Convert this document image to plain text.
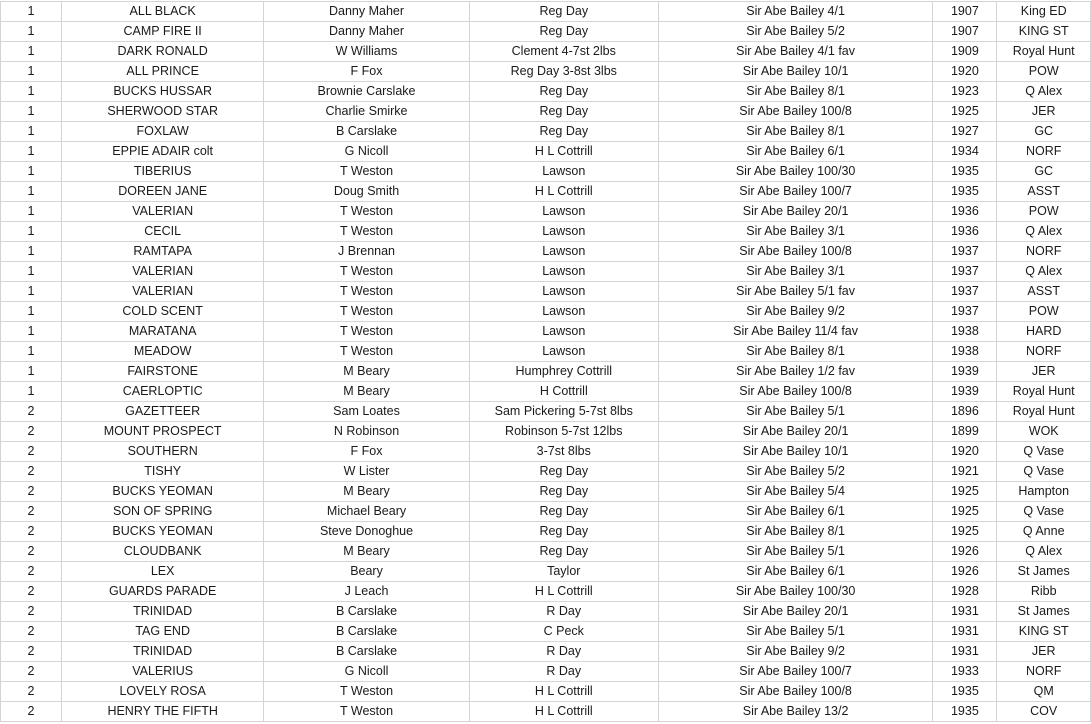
1	ALL BLACK	Danny Maher	Reg Day	Sir Abe Bailey 4/1	1907	King ED
1	CAMP FIRE II	Danny Maher	Reg Day	Sir Abe Bailey 5/2	1907	KING ST
1	DARK RONALD	W Williams	Clement 4-7st 2lbs	Sir Abe Bailey 4/1 fav	1909	Royal Hunt
1	ALL PRINCE	F Fox	Reg Day 3-8st 3lbs	Sir Abe Bailey 10/1	1920	POW
1	BUCKS HUSSAR	Brownie Carslake	Reg Day	Sir Abe Bailey 8/1	1923	Q Alex
1	SHERWOOD STAR	Charlie Smirke	Reg Day	Sir Abe Bailey 100/8	1925	JER
1	FOXLAW	B Carslake	Reg Day	Sir Abe Bailey 8/1	1927	GC
1	EPPIE ADAIR colt	G Nicoll	H L Cottrill	Sir Abe Bailey 6/1	1934	NORF
1	TIBERIUS	T Weston	Lawson	Sir Abe Bailey 100/30	1935	GC
1	DOREEN JANE	Doug Smith	H L Cottrill	Sir Abe Bailey 100/7	1935	ASST
1	VALERIAN	T Weston	Lawson	Sir Abe Bailey 20/1	1936	POW
1	CECIL	T Weston	Lawson	Sir Abe Bailey 3/1	1936	Q Alex
1	RAMTAPA	J Brennan	Lawson	Sir Abe Bailey 100/8	1937	NORF
1	VALERIAN	T Weston	Lawson	Sir Abe Bailey 3/1	1937	Q Alex
1	VALERIAN	T Weston	Lawson	Sir Abe Bailey 5/1 fav	1937	ASST
1	COLD SCENT	T Weston	Lawson	Sir Abe Bailey 9/2	1937	POW
1	MARATANA	T Weston	Lawson	Sir Abe Bailey 11/4 fav	1938	HARD
1	MEADOW	T Weston	Lawson	Sir Abe Bailey 8/1	1938	NORF
1	FAIRSTONE	M Beary	Humphrey Cottrill	Sir Abe Bailey 1/2 fav	1939	JER
1	CAERLOPTIC	M Beary	H Cottrill	Sir Abe Bailey 100/8	1939	Royal Hunt
2	GAZETTEER	Sam Loates	Sam Pickering 5-7st 8lbs	Sir Abe Bailey 5/1	1896	Royal Hunt
2	MOUNT PROSPECT	N Robinson	Robinson 5-7st 12lbs	Sir Abe Bailey 20/1	1899	WOK
2	SOUTHERN	F Fox	3-7st 8lbs	Sir Abe Bailey 10/1	1920	Q Vase
2	TISHY	W Lister	Reg Day	Sir Abe Bailey 5/2	1921	Q Vase
2	BUCKS YEOMAN	M Beary	Reg Day	Sir Abe Bailey 5/4	1925	Hampton
2	SON OF SPRING	Michael Beary	Reg Day	Sir Abe Bailey 6/1	1925	Q Vase
2	BUCKS YEOMAN	Steve Donoghue	Reg Day	Sir Abe Bailey 8/1	1925	Q Anne
2	CLOUDBANK	M Beary	Reg Day	Sir Abe Bailey 5/1	1926	Q Alex
2	LEX	Beary	Taylor	Sir Abe Bailey 6/1	1926	St James
2	GUARDS PARADE	J Leach	H L Cottrill	Sir Abe Bailey 100/30	1928	Ribb
2	TRINIDAD	B Carslake	R Day	Sir Abe Bailey 20/1	1931	St James
2	TAG END	B Carslake	C Peck	Sir Abe Bailey 5/1	1931	KING ST
2	TRINIDAD	B Carslake	R Day	Sir Abe Bailey 9/2	1931	JER
2	VALERIUS	G Nicoll	R Day	Sir Abe Bailey 100/7	1933	NORF
2	LOVELY ROSA	T Weston	H L Cottrill	Sir Abe Bailey 100/8	1935	QM
2	HENRY THE FIFTH	T Weston	H L Cottrill	Sir Abe Bailey 13/2	1935	COV
